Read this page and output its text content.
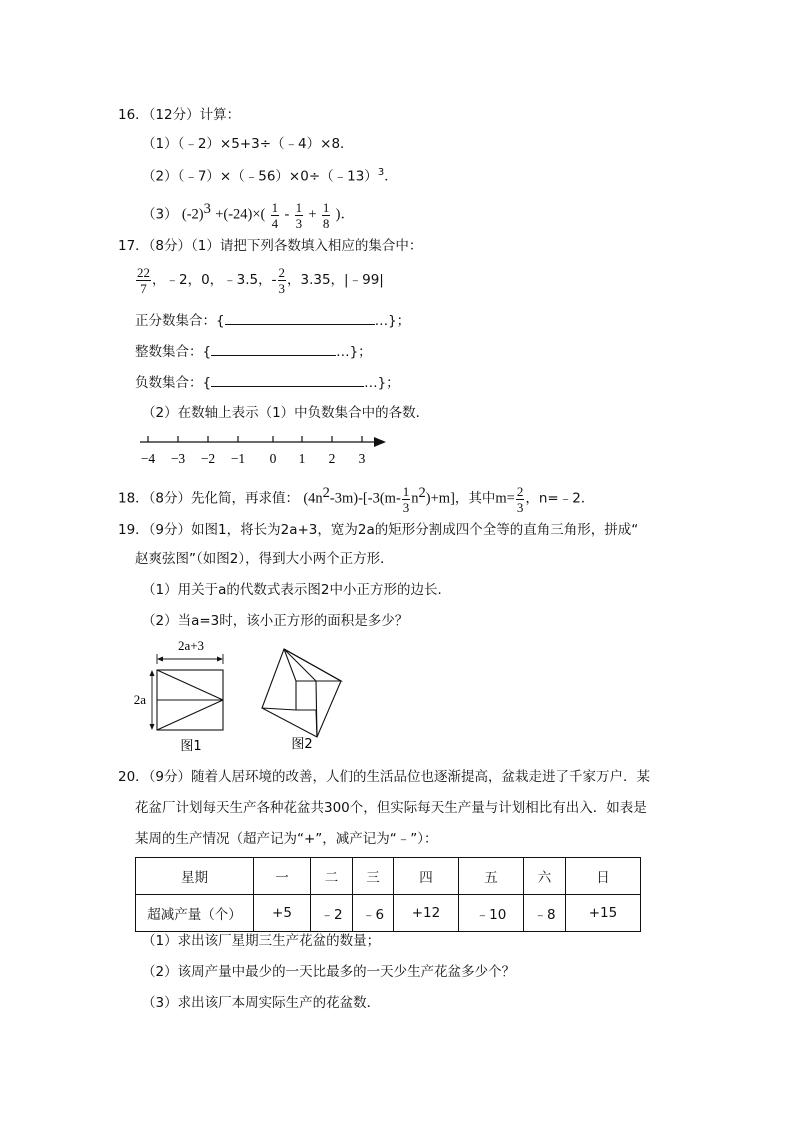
16．（12分）计算：
（1）（﹣2）×5+3÷（﹣4）×8．
（2）（﹣7）×（﹣56）×0÷（﹣13）$^3$．
（3） $(-2)^3 +(-24)\times( \frac{1}{4} - \frac{1}{3} + \frac{1}{8}$ )．
17．（8分）（1）请把下列各数填入相应的集合中：
$\frac{22}{7}$ ，﹣2，0，﹣3.5，- $\frac{2}{3}$ ，3.35，|﹣99|
正分数集合：{	…}；
整数集合：{	…}；
负数集合：{	…}；
（2）在数轴上表示（1）中负数集合中的各数．
−4 −3 −2 −1 0 1 2 3
18．（8分）先化简，再求值： $(4n^2-3m)-[-3(m- \frac{1}{3} n^2)+m]$，其中$m= \frac{2}{3}$ ，n=﹣2．
19．（9分）如图1，将长为2a+3，宽为2a的矩形分割成四个全等的直角三角形，拼成“
赵爽弦图”（如图2），得到大小两个正方形．
（1）用关于a的代数式表示图2中小正方形的边长．
（2）当a=3时，该小正方形的面积是多少？
2a+3
2a
图1	图2
20．（9分）随着人居环境的改善，人们的生活品位也逐渐提高，盆栽走进了千家万户．某
花盆厂计划每天生产各种花盆共300个，但实际每天生产量与计划相比有出入．如表是
某周的生产情况（超产记为“+”，减产记为“﹣”）：
星期	一	二	三	四	五	六	日
超减产量（个）	+5	﹣2	﹣6	+12	﹣10	﹣8	+15
（1）求出该厂星期三生产花盆的数量；
（2）该周产量中最少的一天比最多的一天少生产花盆多少个？
（3）求出该厂本周实际生产的花盆数．
